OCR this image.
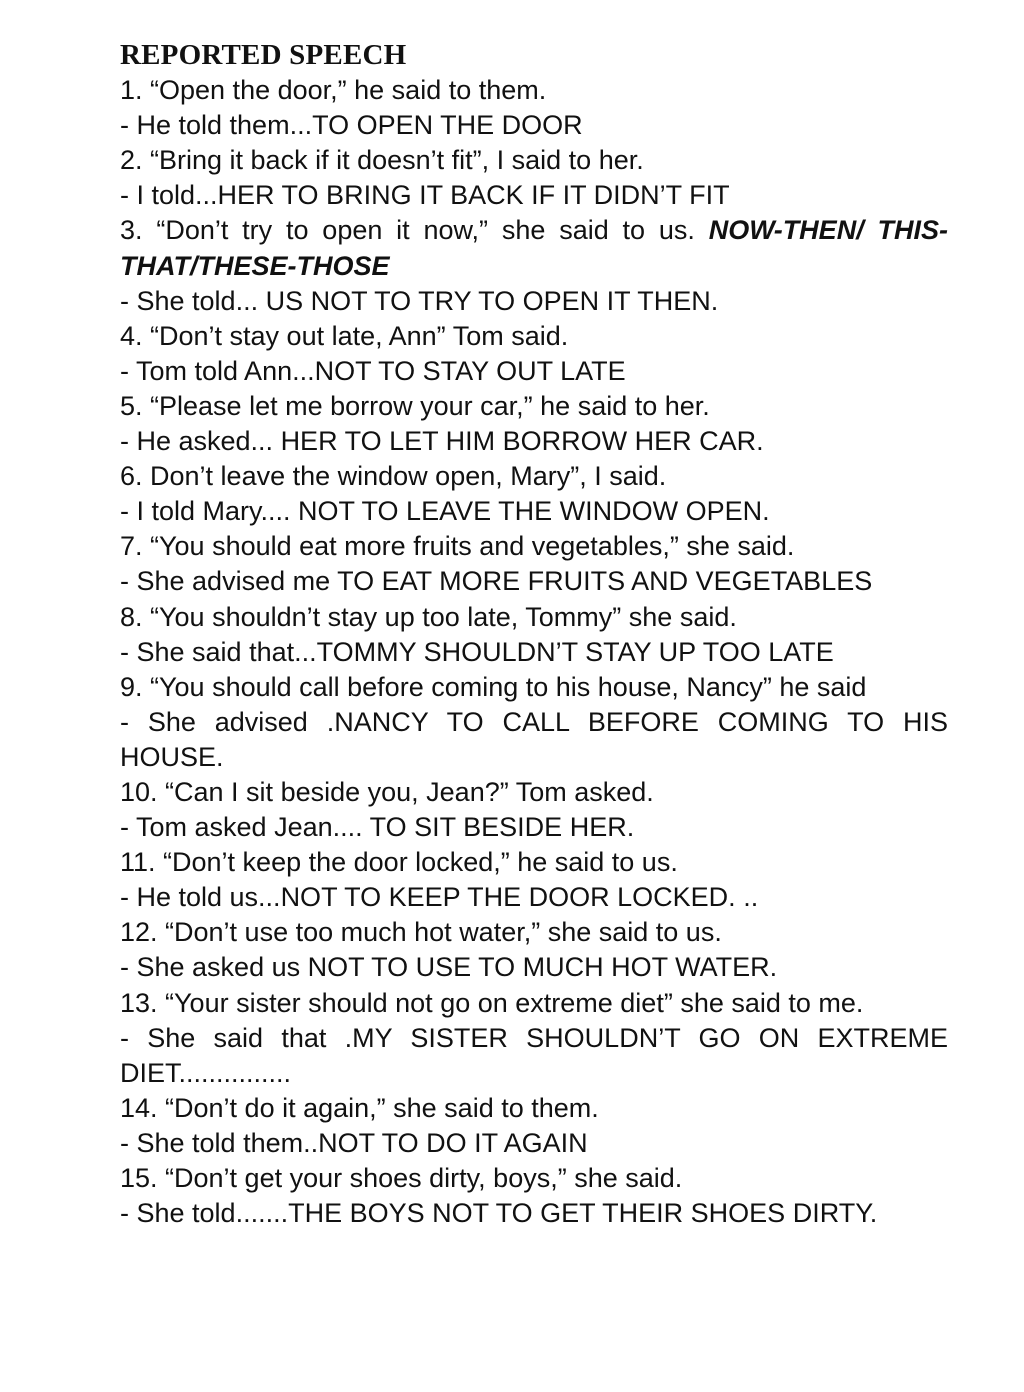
REPORTED SPEECH
1. “Open the door,” he said to them.
- He told them...TO OPEN THE DOOR
2. “Bring it back if it doesn’t fit”, I said to her.
- I told...HER TO BRING IT BACK IF IT DIDN’T FIT
3. “Don’t try to open it now,” she said to us. NOW-THEN/ THIS-THAT/THESE-THOSE
- She told... US NOT TO TRY TO OPEN IT THEN.
4. “Don’t stay out late, Ann” Tom said.
- Tom told Ann...NOT TO STAY OUT LATE
5. “Please let me borrow your car,” he said to her.
- He asked... HER TO LET HIM BORROW HER CAR.
6. Don’t leave the window open, Mary”, I said.
- I told Mary.... NOT TO LEAVE THE WINDOW OPEN.
7. “You should eat more fruits and vegetables,” she said.
- She advised me TO EAT MORE FRUITS AND VEGETABLES
8. “You shouldn’t stay up too late, Tommy” she said.
- She said that...TOMMY SHOULDN’T STAY UP TOO LATE
9. “You should call before coming to his house, Nancy” he said
- She advised .NANCY TO CALL BEFORE COMING TO HIS HOUSE.
10. “Can I sit beside you, Jean?” Tom asked.
- Tom asked Jean.... TO SIT BESIDE HER.
11. “Don’t keep the door locked,” he said to us.
- He told us...NOT TO KEEP THE DOOR LOCKED. ..
12. “Don’t use too much hot water,” she said to us.
- She asked us NOT TO USE TO MUCH HOT WATER.
13. “Your sister should not go on extreme diet” she said to me.
- She said that .MY SISTER SHOULDN’T GO ON EXTREME DIET...............
14. “Don’t do it again,” she said to them.
- She told them..NOT TO DO IT AGAIN
15. “Don’t get your shoes dirty, boys,” she said.
- She told.......THE BOYS NOT TO GET THEIR SHOES DIRTY.
